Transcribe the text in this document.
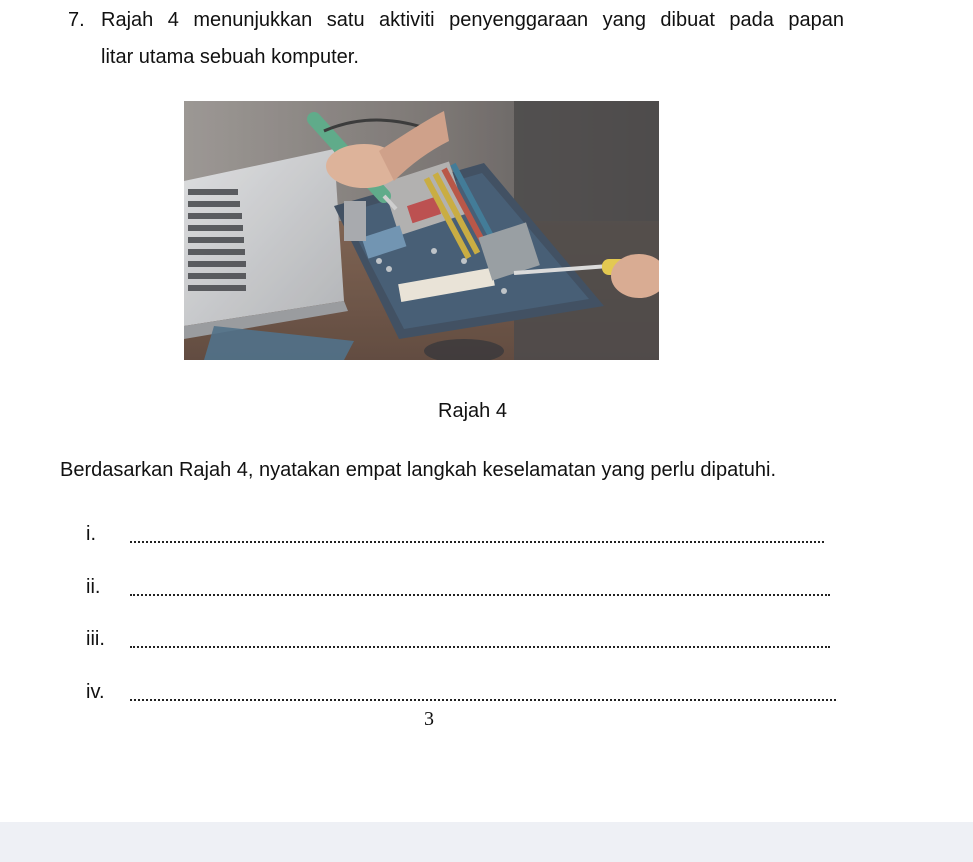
7. Rajah 4 menunjukkan satu aktiviti penyenggaraan yang dibuat pada papan
litar utama sebuah komputer.
Rajah 4
Berdasarkan Rajah 4, nyatakan empat langkah keselamatan yang perlu dipatuhi.
i.
ii.
iii.
iv.
3
